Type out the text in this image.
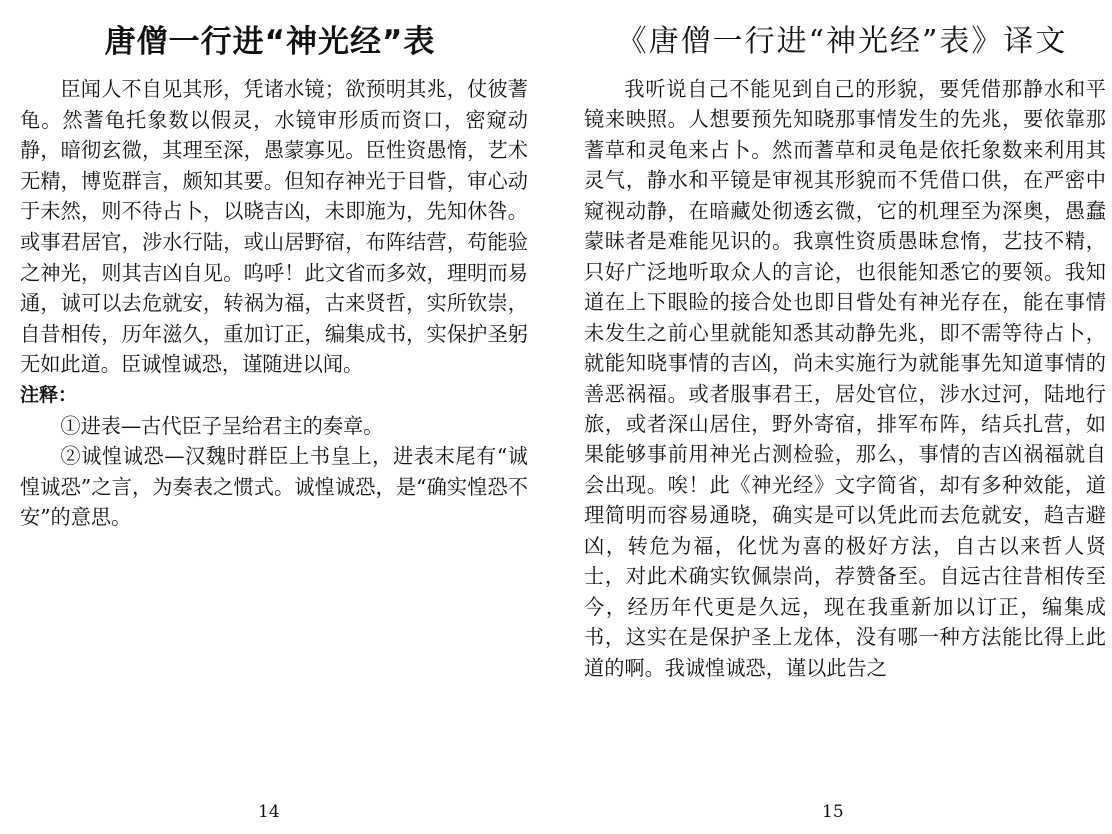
唐僧一行进“神光经”表

臣闻人不自见其形，凭诸水镜；欲预明其兆，仗彼蓍龟。然蓍龟托象数以假灵，水镜审形质而资口，密窥动静，暗彻玄微，其理至深，愚蒙寡见。臣性资愚惰，艺术无精，博览群言，颇知其要。但知存神光于目眥，审心动于未然，则不待占卜，以晓吉凶，未即施为，先知休咎。或事君居官，涉水行陆，或山居野宿，布阵结营，苟能验之神光，则其吉凶自见。呜呼！此文省而多效，理明而易通，诚可以去危就安，转祸为福，古来贤哲，实所钦崇，自昔相传，历年滋久，重加订正，编集成书，实保护圣躬无如此道。臣诚惶诚恐，谨随进以闻。

注释：

①进表—古代臣子呈给君主的奏章。

②诚惶诚恐—汉魏时群臣上书皇上，进表末尾有“诚惶诚恐”之言，为奏表之惯式。诚惶诚恐，是“确实惶恐不安”的意思。

14
《唐僧一行进“神光经”表》译文

我听说自己不能见到自己的形貌，要凭借那静水和平镜来映照。人想要预先知晓那事情发生的先兆，要依靠那蓍草和灵龟来占卜。然而蓍草和灵龟是依托象数来利用其灵气，静水和平镜是审视其形貌而不凭借口供，在严密中窥视动静，在暗藏处彻透玄微，它的机理至为深奥，愚蠢蒙昧者是难能见识的。我禀性资质愚昧怠惰，艺技不精，只好广泛地听取众人的言论，也很能知悉它的要领。我知道在上下眼睑的接合处也即目眥处有神光存在，能在事情未发生之前心里就能知悉其动静先兆，即不需等待占卜，就能知晓事情的吉凶，尚未实施行为就能事先知道事情的善恶祸福。或者服事君王，居处官位，涉水过河，陆地行旅，或者深山居住，野外寄宿，排军布阵，结兵扎营，如果能够事前用神光占测检验，那么，事情的吉凶祸福就自会出现。唉！此《神光经》文字简省，却有多种效能，道理简明而容易通晓，确实是可以凭此而去危就安，趋吉避凶，转危为福，化忧为喜的极好方法，自古以来哲人贤士，对此术确实钦佩崇尚，荐赞备至。自远古往昔相传至今，经历年代更是久远，现在我重新加以订正，编集成书，这实在是保护圣上龙体，没有哪一种方法能比得上此道的啊。我诚惶诚恐，谨以此告之

15
